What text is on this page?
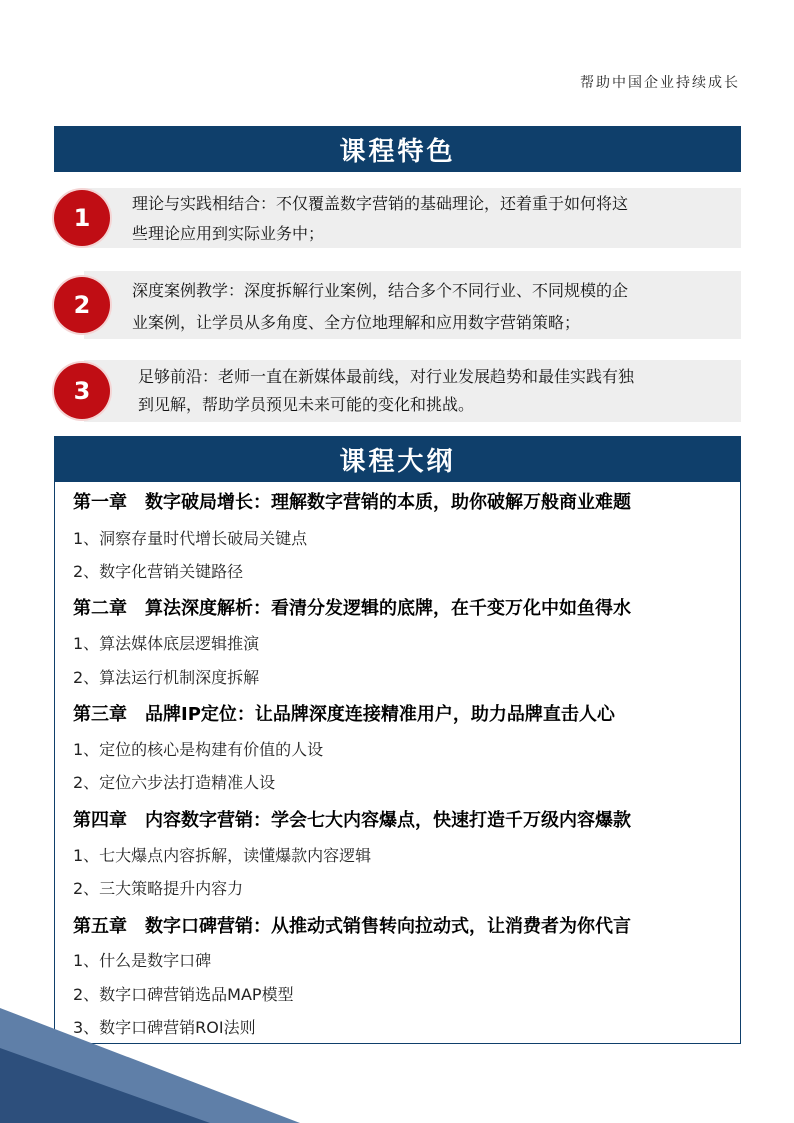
帮助中国企业持续成长
课程特色
1
理论与实践相结合：不仅覆盖数字营销的基础理论，还着重于如何将这
些理论应用到实际业务中；
2
深度案例教学：深度拆解行业案例，结合多个不同行业、不同规模的企
业案例，让学员从多角度、全方位地理解和应用数字营销策略；
3
足够前沿：老师一直在新媒体最前线，对行业发展趋势和最佳实践有独
到见解，帮助学员预见未来可能的变化和挑战。
课程大纲
第一章　数字破局增长：理解数字营销的本质，助你破解万般商业难题
1、洞察存量时代增长破局关键点
2、数字化营销关键路径
第二章　算法深度解析：看清分发逻辑的底牌，在千变万化中如鱼得水
1、算法媒体底层逻辑推演
2、算法运行机制深度拆解
第三章　品牌IP定位：让品牌深度连接精准用户，助力品牌直击人心
1、定位的核心是构建有价值的人设
2、定位六步法打造精准人设
第四章　内容数字营销：学会七大内容爆点，快速打造千万级内容爆款
1、七大爆点内容拆解，读懂爆款内容逻辑
2、三大策略提升内容力
第五章　数字口碑营销：从推动式销售转向拉动式，让消费者为你代言
1、什么是数字口碑
2、数字口碑营销选品MAP模型
3、数字口碑营销ROI法则
